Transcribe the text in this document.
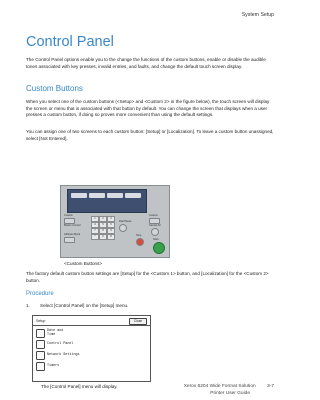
System Setup
Control Panel

The Control Panel options enable you to the change the functions of the custom buttons, enable or disable the audible tones associated with key presses, invalid entries, and faults, and change the default touch screen display.

Custom Buttons

When you select one of the custom buttons (<Setup> and <Custom 2> in the figure below), the touch screen will display the screen or menu that is associated with that button by default. You can change the screen that displays when a user presses a custom button, if doing so proves more convenient than using the default settings.

You can assign one of two screens to each custom button: [Setup] or [Localization]. To leave a custom button unassigned, select [Not Entered].

Custom
Button Control
Address Book
1	2	3
4	5	6
7	8	9
*	0	#
Dial Pause
Custom
Cancel All
Stop
Start
<Custom Buttons>

The factory default custom button settings are [Setup] for the <Custom 1> button, and [Localization] for the <Custom 2> button.

Procedure
1. Select [Control Panel] on the [Setup] menu.
Setup	Close
Date and
Time
Control Panel
Network Settings
Timers
The [Control Panel] menu will display.	Xerox 6204 Wide Format Solution 3-7
Printer User Guide
